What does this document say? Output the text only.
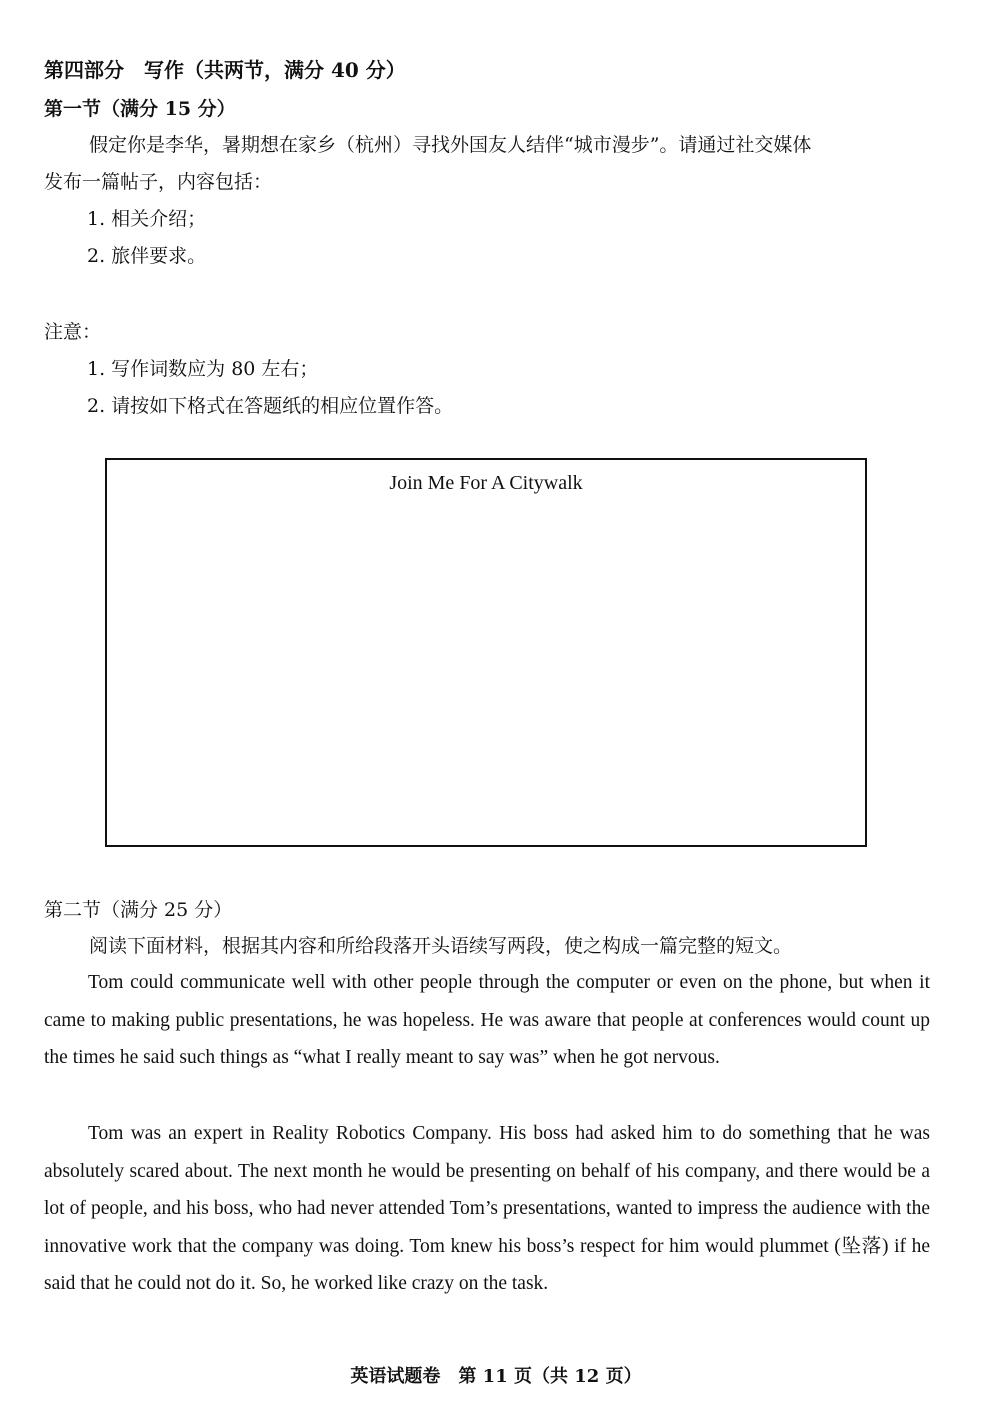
第四部分　写作（共两节，满分 40 分）
第一节（满分 15 分）
假定你是李华，暑期想在家乡（杭州）寻找外国友人结伴“城市漫步”。请通过社交媒体
发布一篇帖子，内容包括：
1. 相关介绍；
2. 旅伴要求。
注意：
1. 写作词数应为 80 左右；
2. 请按如下格式在答题纸的相应位置作答。
Join Me For A Citywalk
第二节（满分 25 分）
阅读下面材料，根据其内容和所给段落开头语续写两段，使之构成一篇完整的短文。

Tom could communicate well with other people through the computer or even on the phone, but when it came to making public presentations, he was hopeless. He was aware that people at conferences would count up the times he said such things as “what I really meant to say was” when he got nervous.

Tom was an expert in Reality Robotics Company. His boss had asked him to do something that he was absolutely scared about. The next month he would be presenting on behalf of his company, and there would be a lot of people, and his boss, who had never attended Tom’s presentations, wanted to impress the audience with the innovative work that the company was doing. Tom knew his boss’s respect for him would plummet (坠落) if he said that he could not do it. So, he worked like crazy on the task.

英语试题卷　第 11 页（共 12 页）
